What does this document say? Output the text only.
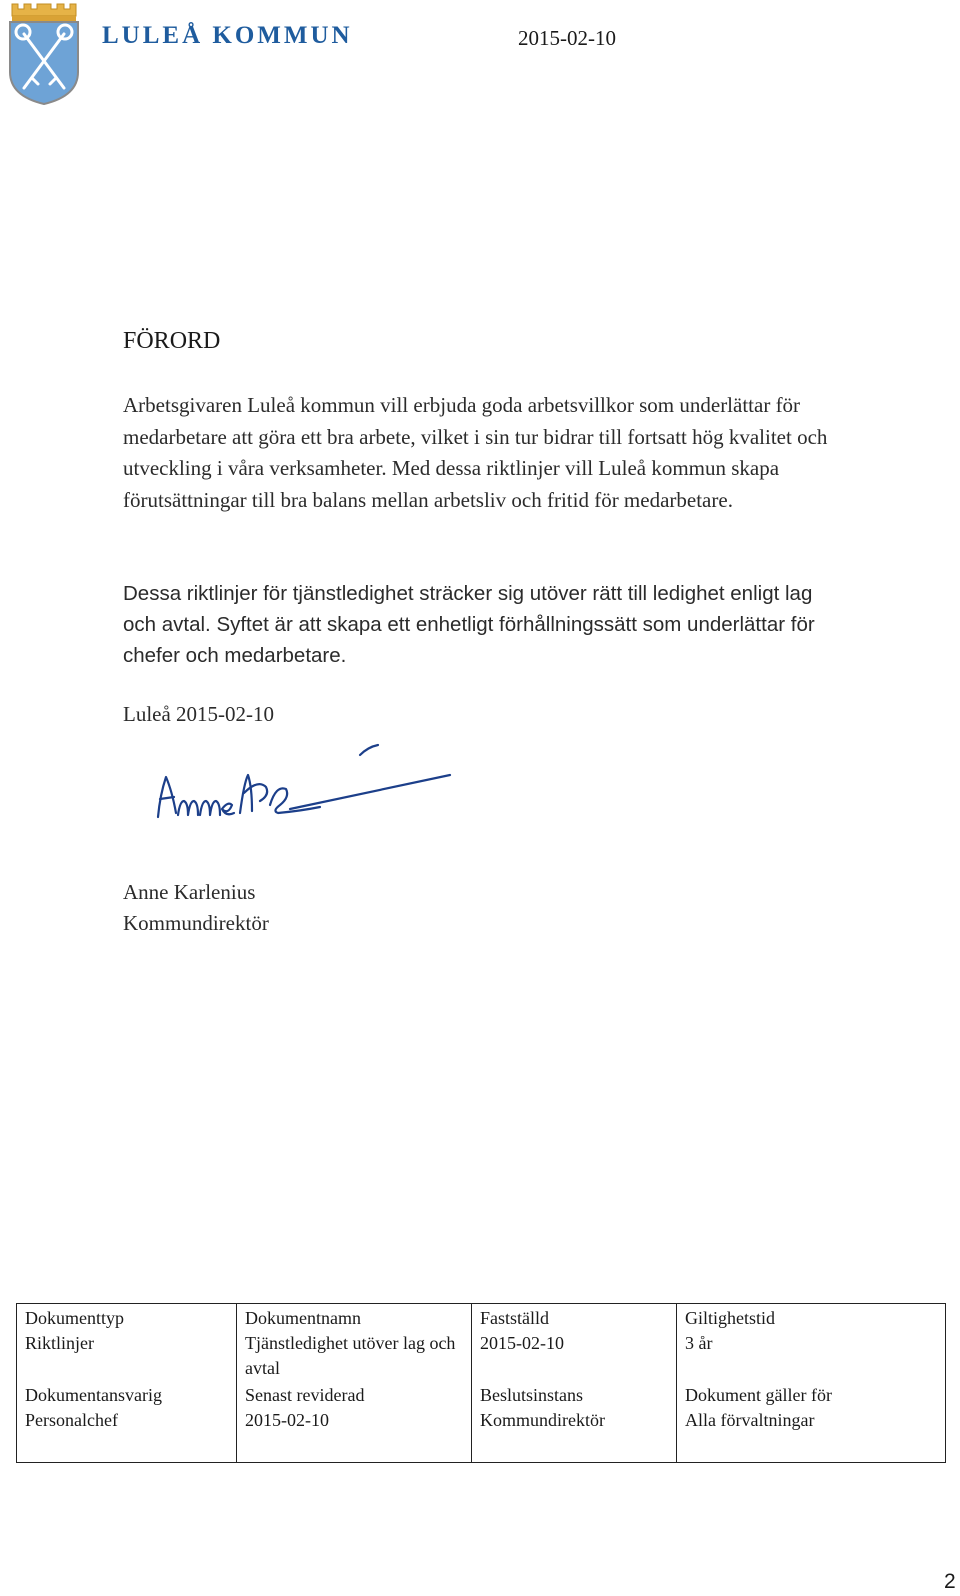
LULEÅ KOMMUN	2015-02-10
FÖRORD

Arbetsgivaren Luleå kommun vill erbjuda goda arbetsvillkor som underlättar för medarbetare att göra ett bra arbete, vilket i sin tur bidrar till fortsatt hög kvalitet och utveckling i våra verksamheter. Med dessa riktlinjer vill Luleå kommun skapa förutsättningar till bra balans mellan arbetsliv och fritid för medarbetare.

Dessa riktlinjer för tjänstledighet sträcker sig utöver rätt till ledighet enligt lag och avtal. Syftet är att skapa ett enhetligt förhållningssätt som underlättar för chefer och medarbetare.

Luleå 2015-02-10
Anne Karlenius
Kommundirektör
Dokumenttyp
Riktlinjer
Dokumentansvarig
Personalchef

Dokumentnamn
Tjänstledighet utöver lag och avtal
Senast reviderad
2015-02-10

Fastställd
2015-02-10
Beslutsinstans
Kommundirektör

Giltighetstid
3 år
Dokument gäller för
Alla förvaltningar
2
